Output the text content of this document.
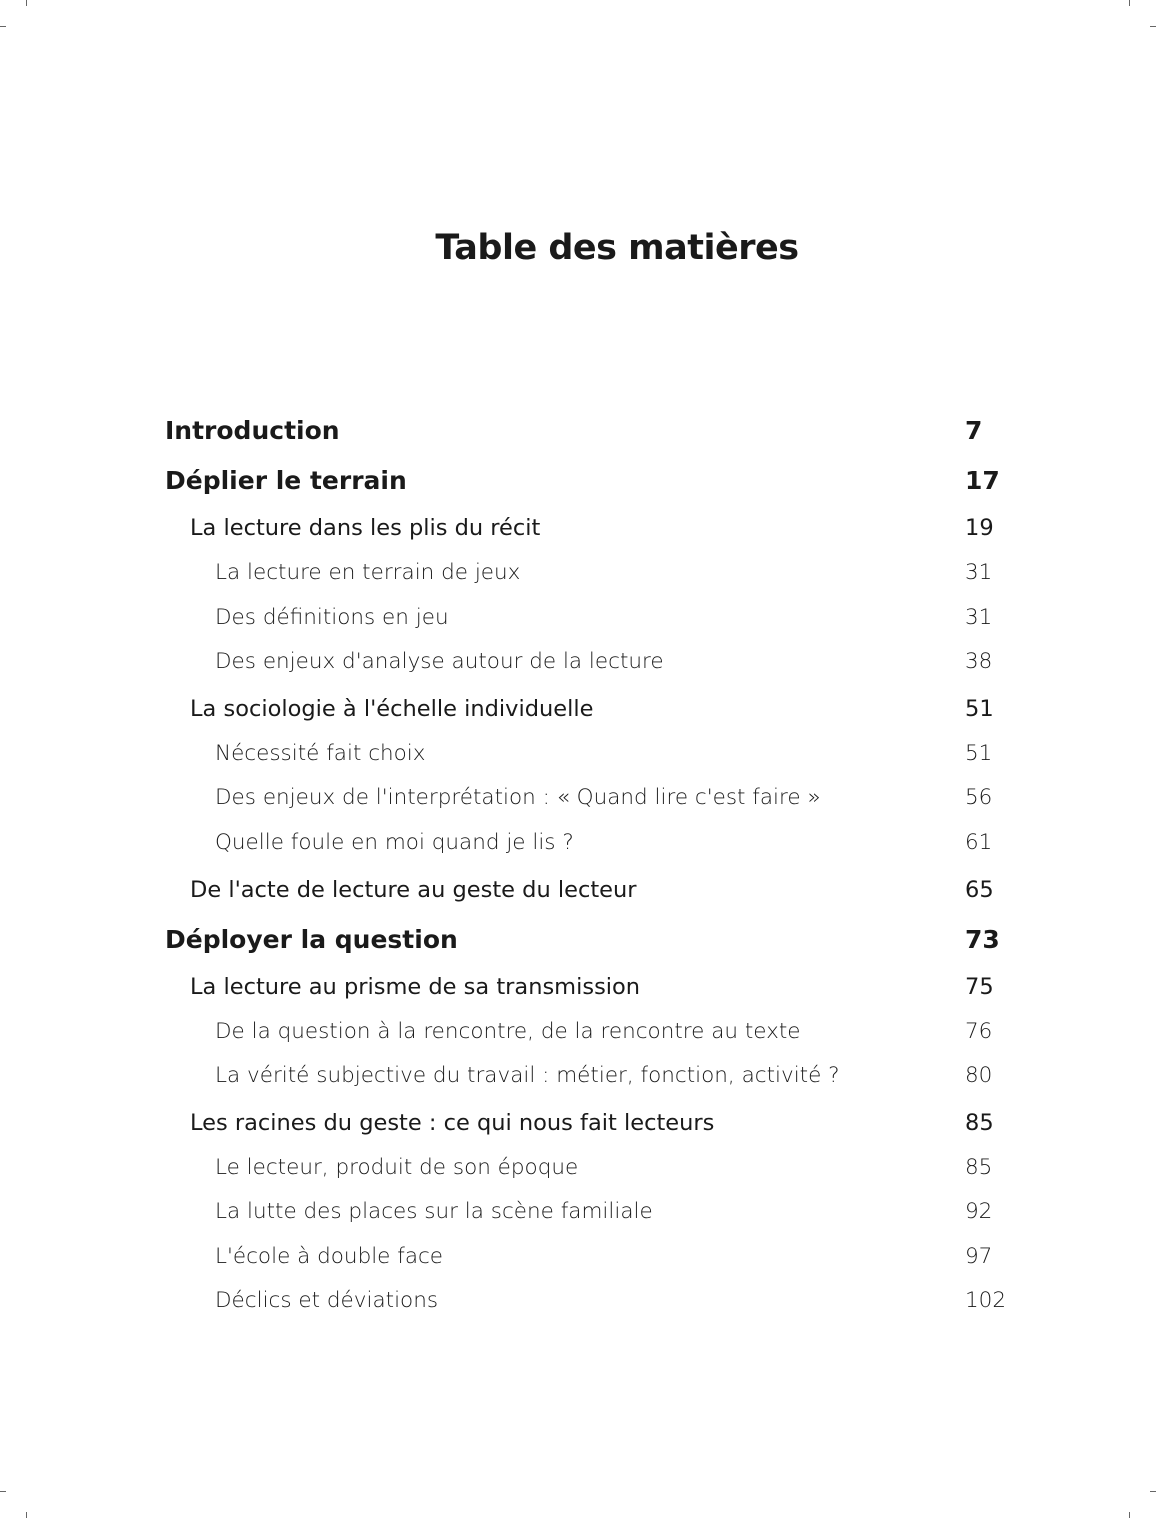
Table des matières
Introduction	7
Déplier le terrain	17
La lecture dans les plis du récit	19
La lecture en terrain de jeux	31
Des définitions en jeu	31
Des enjeux d'analyse autour de la lecture	38
La sociologie à l'échelle individuelle	51
Nécessité fait choix	51
Des enjeux de l'interprétation : « Quand lire c'est faire »	56
Quelle foule en moi quand je lis ?	61
De l'acte de lecture au geste du lecteur	65
Déployer la question	73
La lecture au prisme de sa transmission	75
De la question à la rencontre, de la rencontre au texte	76
La vérité subjective du travail : métier, fonction, activité ?	80
Les racines du geste : ce qui nous fait lecteurs	85
Le lecteur, produit de son époque	85
La lutte des places sur la scène familiale	92
L'école à double face	97
Déclics et déviations	102
